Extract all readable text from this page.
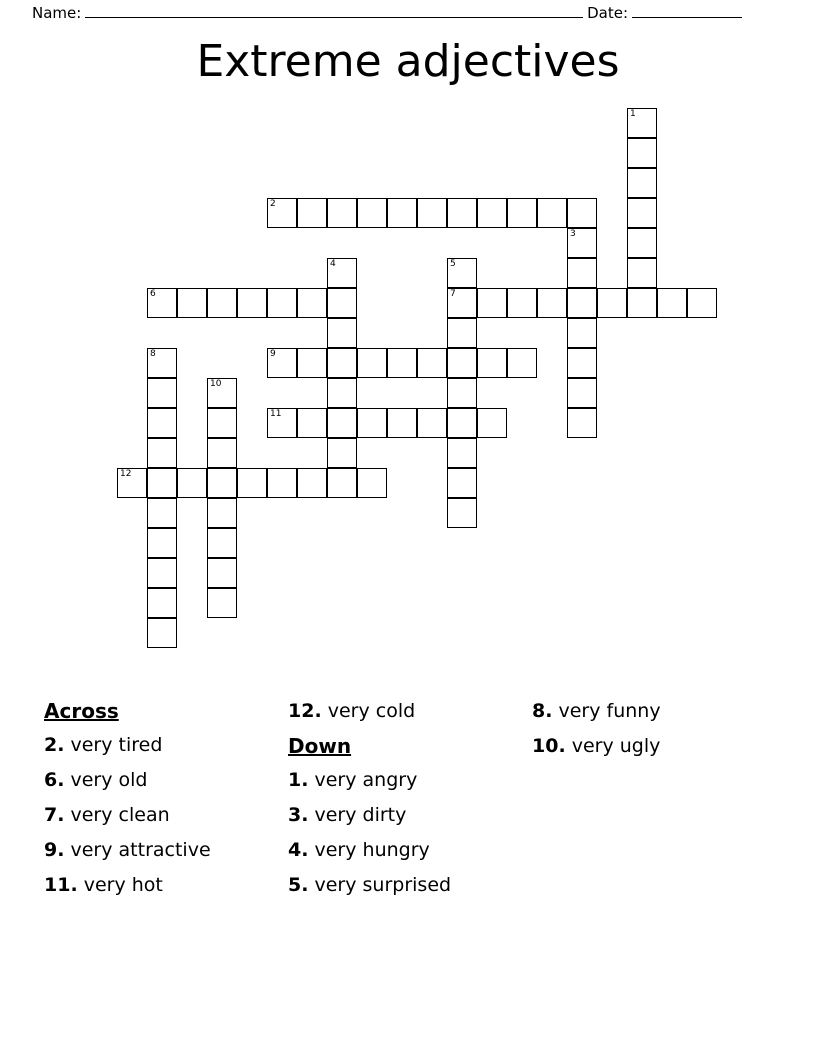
Name:	Date:
Extreme adjectives
1
2
3
4	5
6	7
8	9
10
11
12
Across
2. very tired
6. very old
7. very clean
9. very attractive
11. very hot
12. very cold
Down
1. very angry
3. very dirty
4. very hungry
5. very surprised
8. very funny
10. very ugly
